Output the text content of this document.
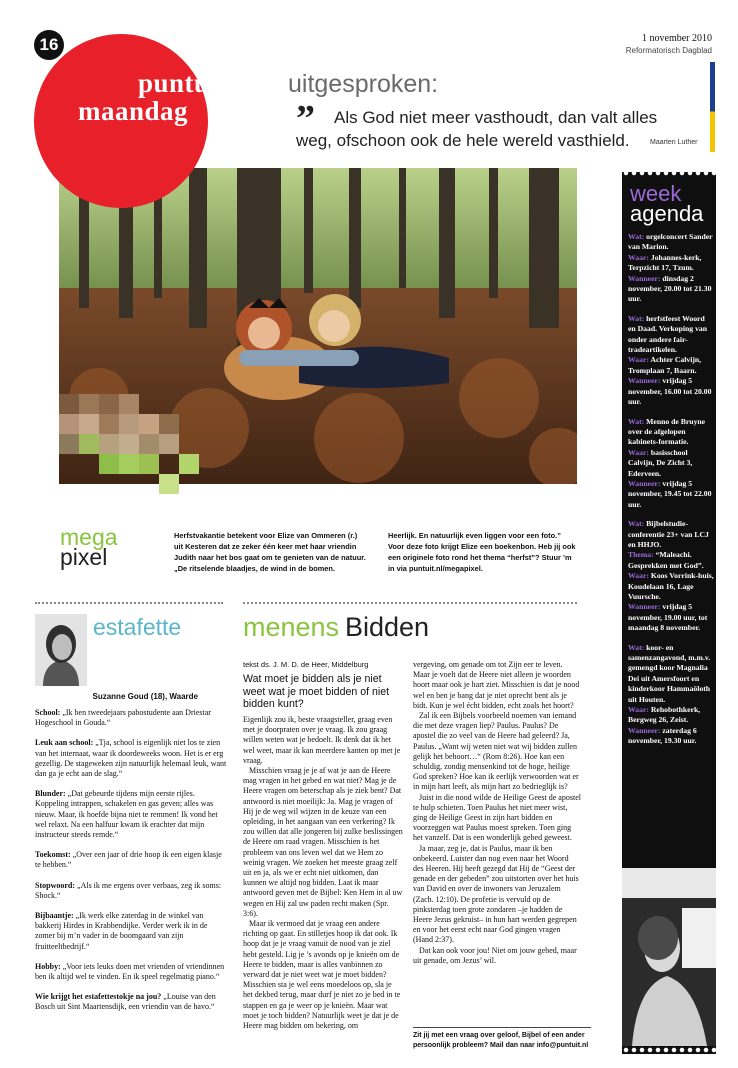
16
puntuit
maandag
1 november 2010
Reformatorisch Dagblad
uitgesproken:
”	Als God niet meer vasthoudt, dan valt alles weg, ofschoon ook de hele wereld vasthield.	Maarten Luther
mega
pixel
Herfstvakantie betekent voor Elize van Ommeren (r.) uit Kesteren dat ze zeker één keer met haar vriendin Judith naar het bos gaat om te genieten van de natuur. „De ritselende blaadjes, de wind in de bomen.
Heerlijk. En natuurlijk even liggen voor een foto.” Voor deze foto krijgt Elize een boekenbon. Heb jij ook een originele foto rond het thema “herfst”? Stuur ’m in via puntuit.nl/megapixel.
estafette
Suzanne Goud (18), Waarde

School: „Ik ben tweedejaars pabostudente aan Driestar Hogeschool in Gouda.“

Leuk aan school: „Tja, school is eigenlijk niet los te zien van het internaat, waar ik doordeweeks woon. Het is er erg gezellig. De stageweken zijn natuurlijk helemaal leuk, want dan ga je echt aan de slag.“

Blunder: „Dat gebeurde tijdens mijn eerste rijles. Koppeling intrappen, schakelen en gas geven; alles was nieuw. Maar, ik hoefde bijna niet te remmen! Ik vond het wel relaxt. Na een halfuur kwam ik erachter dat mijn instructeur steeds remde.“

Toekomst: „Over een jaar of drie hoop ik een eigen klasje te hebben.“

Stopwoord: „Als ik me ergens over verbaas, zeg ik soms: Shock.“

Bijbaantje: „Ik werk elke zaterdag in de winkel van bakkerij Hirdes in Krabbendijke. Verder werk ik in de zomer bij m’n vader in de boomgaard van zijn fruitteeltbedrijf.“

Hobby: „Voor iets leuks doen met vrienden of vriendinnen ben ik altijd wel te vinden. En ik speel regelmatig piano.“

Wie krijgt het estafettestokje na jou? „Louise van den Bosch uit Sint Maartensdijk, een vriendin van de havo.“

menens Bidden
tekst ds. J. M. D. de Heer, Middelburg
Wat moet je bidden als je niet weet wat je moet bidden of niet bidden kunt?

Eigenlijk zou ik, beste vraagsteller, graag even met je doorpraten over je vraag. Ik zou graag willen weten wat je bedoelt. Ik denk dat ik het wel weet, maar ik kan meerdere kanten op met je vraag.

Misschien vraag je je af wat je aan de Heere mag vragen in het gebed en wat niet? Mag je de Heere vragen om beterschap als je ziek bent? Dat antwoord is niet moeilijk: Ja. Mag je vragen of Hij je de weg wil wijzen in de keuze van een opleiding, in het aangaan van een verkering? Ik zou willen dat alle jongeren bij zulke beslissingen de Heere om raad vragen. Misschien is het probleem van ons leven wel dat we Hem zo weinig vragen. We zoeken het meeste graag zelf uit en ja, als we er echt niet uitkomen, dan kunnen we altijd nog bidden. Laat ik maar antwoord geven met de Bijbel: Ken Hem in al uw wegen en Hij zal uw paden recht maken (Spr. 3:6).

Maar ik vermoed dat je vraag een andere richting op gaat. En stilletjes hoop ik dat ook. Ik hoop dat je je vraag vanuit de nood van je ziel hebt gesteld. Lig je ’s avonds op je knieën om de Heere te bidden, maar is alles vanbinnen zo verward dat je niet weet wat je moet bidden? Misschien sta je wel eens moedeloos op, sla je het dekbed terug, maar durf je niet zo je bed in te stappen en ga je weer op je knieën. Maar wat moet je toch bidden? Natuurlijk weet je dat je de Heere mag bidden om bekering, om

vergeving, om genade om tot Zijn eer te leven. Maar je voelt dat de Heere niet alleen je woorden hoort maar ook je hart ziet. Misschien is dat je nood wel en ben je bang dat je niet oprecht bent als je bidt. Kun je wel écht bidden, echt zoals het hoort?

Zal ik een Bijbels voorbeeld noemen van iemand die met deze vragen liep? Paulus. Paulus? De apostel die zo veel van de Heere had geleerd? Ja, Paulus. „Want wij weten niet wat wij bidden zullen gelijk het behoort…“ (Rom 8:26). Hoe kan een schuldig, zondig mensenkind tot de hoge, heilige God spreken? Hoe kan ik eerlijk verwoorden wat er in mijn hart leeft, als mijn hart zo bedrieglijk is?

Juist in die nood wilde de Heilige Geest de apostel te hulp schieten. Toen Paulus het niet meer wist, ging de Heilige Geest in zijn hart bidden en voorzeggen wat Paulus moest spreken. Toen ging het vanzelf. Dat is een wonderlijk gebed geweest.

Ja maar, zeg je, dat is Paulus, maar ik ben onbekeerd. Luister dan nog even naar het Woord des Heeren. Hij heeft gezegd dat Hij de “Geest der genade en der gebeden” zou uitstorten over het huis van David en over de inwoners van Jeruzalem (Zach. 12:10). De profetie is vervuld op de pinksterdag toen grote zondaren –je hadden de Heere Jezus gekruist– in hun hart werden gegrepen en voor het eerst echt naar God gingen vragen (Hand 2:37).

Dat kan ook voor jou! Niet om jouw gebed, maar uit genade, om Jezus’ wil.

Zit jij met een vraag over geloof, Bijbel of een ander persoonlijk probleem? Mail dan naar info@puntuit.nl
week
agenda
Wat: orgelconcert Sander van Marion.
Waar: Johannes-kerk, Terpzicht 17, Tzum.
Wanneer: dinsdag 2 november, 20.00 tot 21.30 uur.
Wat: herfstfeest Woord en Daad. Verkoping van onder andere fair-tradeartikelen.
Waar: Achter Calvijn, Tromplaan 7, Baarn.
Wanneer: vrijdag 5 november, 16.00 tot 20.00 uur.
Wat: Menno de Bruyne over de afgelopen kabinets-formatie.
Waar: basisschool Calvijn, De Zicht 3, Ederveen.
Wanneer: vrijdag 5 november, 19.45 tot 22.00 uur.
Wat: Bijbelstudie-conferentie 23+ van LCJ en HHJO.
Thema: “Maleachi. Gesprekken met God”.
Waar: Koos Vorrink-huis, Koudelaan 16, Lage Vuursche.
Wanneer: vrijdag 5 november, 19.00 uur, tot maandag 8 november.
Wat: koor- en samenzangavond, m.m.v. gemengd koor Magnalia Dei uit Amersfoort en kinderkoor Hammaöloth uit Houten.
Waar: Rehobothkerk, Bergweg 26, Zeist.
Wanneer: zaterdag 6 november, 19.30 uur.
